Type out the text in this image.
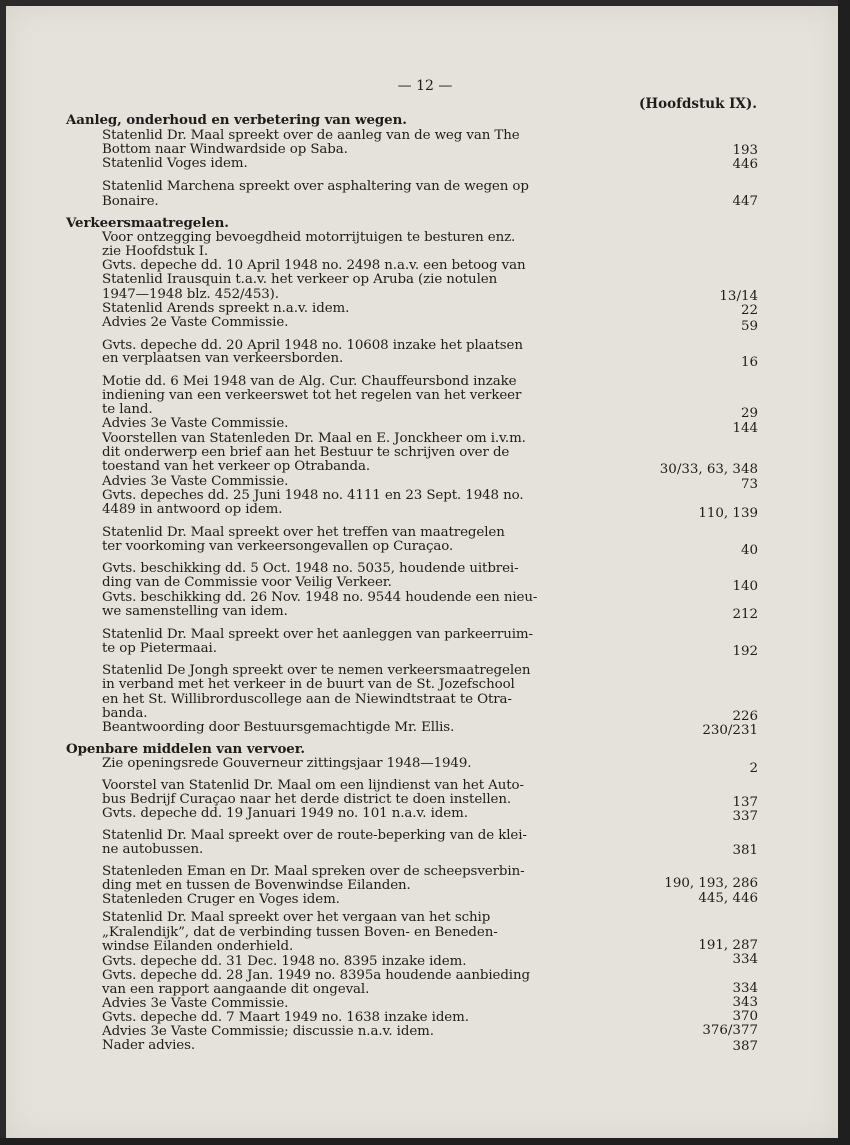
— 12 —
(Hoofdstuk IX).
Aanleg, onderhoud en verbetering van wegen.
Statenlid Dr. Maal spreekt over de aanleg van de weg van The
Bottom naar Windwardside op Saba.
Statenlid Voges idem.
Statenlid Marchena spreekt over asphaltering van de wegen op
Bonaire.
Verkeersmaatregelen.
Voor ontzegging bevoegdheid motorrijtuigen te besturen enz.
zie Hoofdstuk I.
Gvts. depeche dd. 10 April 1948 no. 2498 n.a.v. een betoog van
Statenlid Irausquin t.a.v. het verkeer op Aruba (zie notulen
1947—1948 blz. 452/453).
Statenlid Arends spreekt n.a.v. idem.
Advies 2e Vaste Commissie.
Gvts. depeche dd. 20 April 1948 no. 10608 inzake het plaatsen
en verplaatsen van verkeersborden.
Motie dd. 6 Mei 1948 van de Alg. Cur. Chauffeursbond inzake
indiening van een verkeerswet tot het regelen van het verkeer
te land.
Advies 3e Vaste Commissie.
Voorstellen van Statenleden Dr. Maal en E. Jonckheer om i.v.m.
dit onderwerp een brief aan het Bestuur te schrijven over de
toestand van het verkeer op Otrabanda.
Advies 3e Vaste Commissie.
Gvts. depeches dd. 25 Juni 1948 no. 4111 en 23 Sept. 1948 no.
4489 in antwoord op idem.
Statenlid Dr. Maal spreekt over het treffen van maatregelen
ter voorkoming van verkeersongevallen op Curaçao.
Gvts. beschikking dd. 5 Oct. 1948 no. 5035, houdende uitbrei-
ding van de Commissie voor Veilig Verkeer.
Gvts. beschikking dd. 26 Nov. 1948 no. 9544 houdende een nieu-
we samenstelling van idem.
Statenlid Dr. Maal spreekt over het aanleggen van parkeerruim-
te op Pietermaai.
Statenlid De Jongh spreekt over te nemen verkeersmaatregelen
in verband met het verkeer in de buurt van de St. Jozefschool
en het St. Willibrorduscollege aan de Niewindtstraat te Otra-
banda.
Beantwoording door Bestuursgemachtigde Mr. Ellis.
Openbare middelen van vervoer.
Zie openingsrede Gouverneur zittingsjaar 1948—1949.
Voorstel van Statenlid Dr. Maal om een lijndienst van het Auto-
bus Bedrijf Curaçao naar het derde district te doen instellen.
Gvts. depeche dd. 19 Januari 1949 no. 101 n.a.v. idem.
Statenlid Dr. Maal spreekt over de route-beperking van de klei-
ne autobussen.
Statenleden Eman en Dr. Maal spreken over de scheepsverbin-
ding met en tussen de Bovenwindse Eilanden.
Statenleden Cruger en Voges idem.
Statenlid Dr. Maal spreekt over het vergaan van het schip
„Kralendijk”, dat de verbinding tussen Boven- en Beneden-
windse Eilanden onderhield.
Gvts. depeche dd. 31 Dec. 1948 no. 8395 inzake idem.
Gvts. depeche dd. 28 Jan. 1949 no. 8395a houdende aanbieding
van een rapport aangaande dit ongeval.
Advies 3e Vaste Commissie.
Gvts. depeche dd. 7 Maart 1949 no. 1638 inzake idem.
Advies 3e Vaste Commissie; discussie n.a.v. idem.
Nader advies.
193
446
447
13/14
22
59
16
29
144
30/33, 63, 348
73
110, 139
40
140
212
192
226
230/231
2
137
337
381
190, 193, 286
445, 446
191, 287
334
334
343
370
376/377
387
